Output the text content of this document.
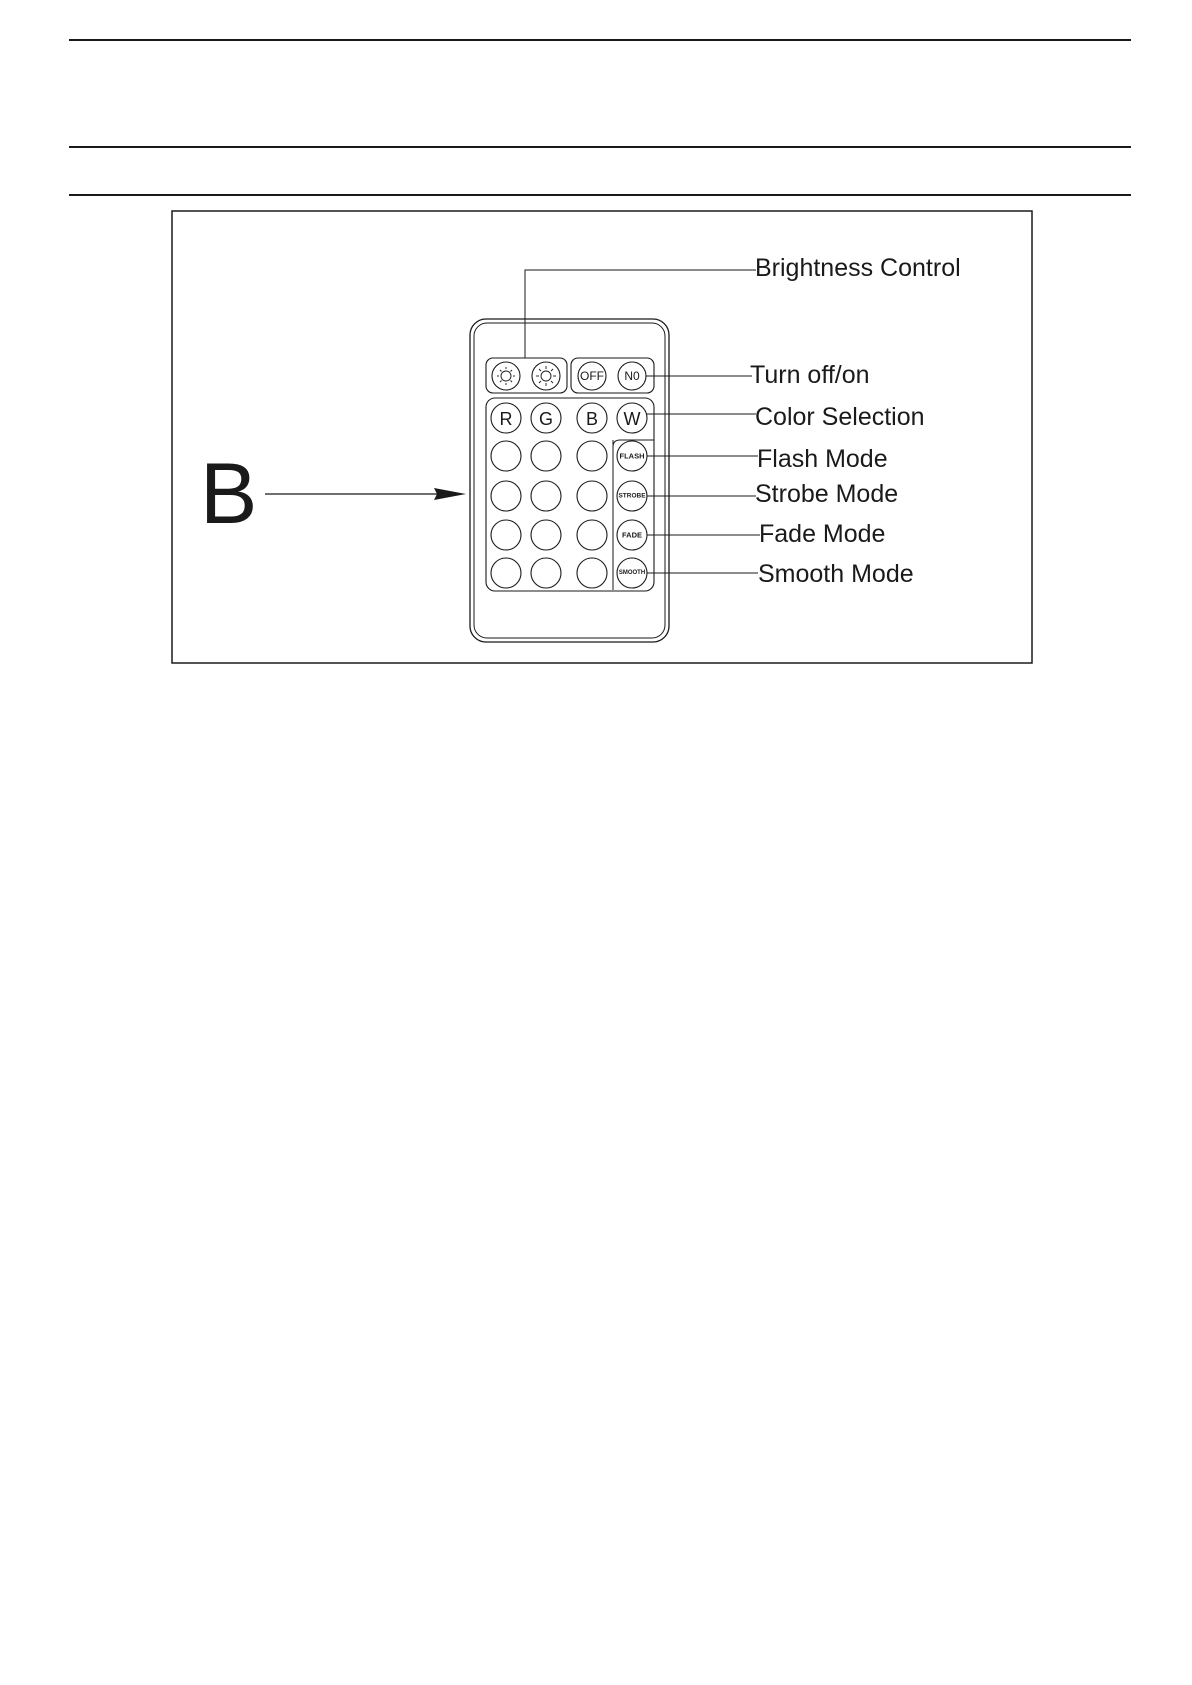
B
OFF N0
R G B W
FLASH
STROBE
FADE
SMOOTH
Brightness Control
Turn off/on
Color Selection
Flash Mode
Strobe Mode
Fade Mode
Smooth Mode
